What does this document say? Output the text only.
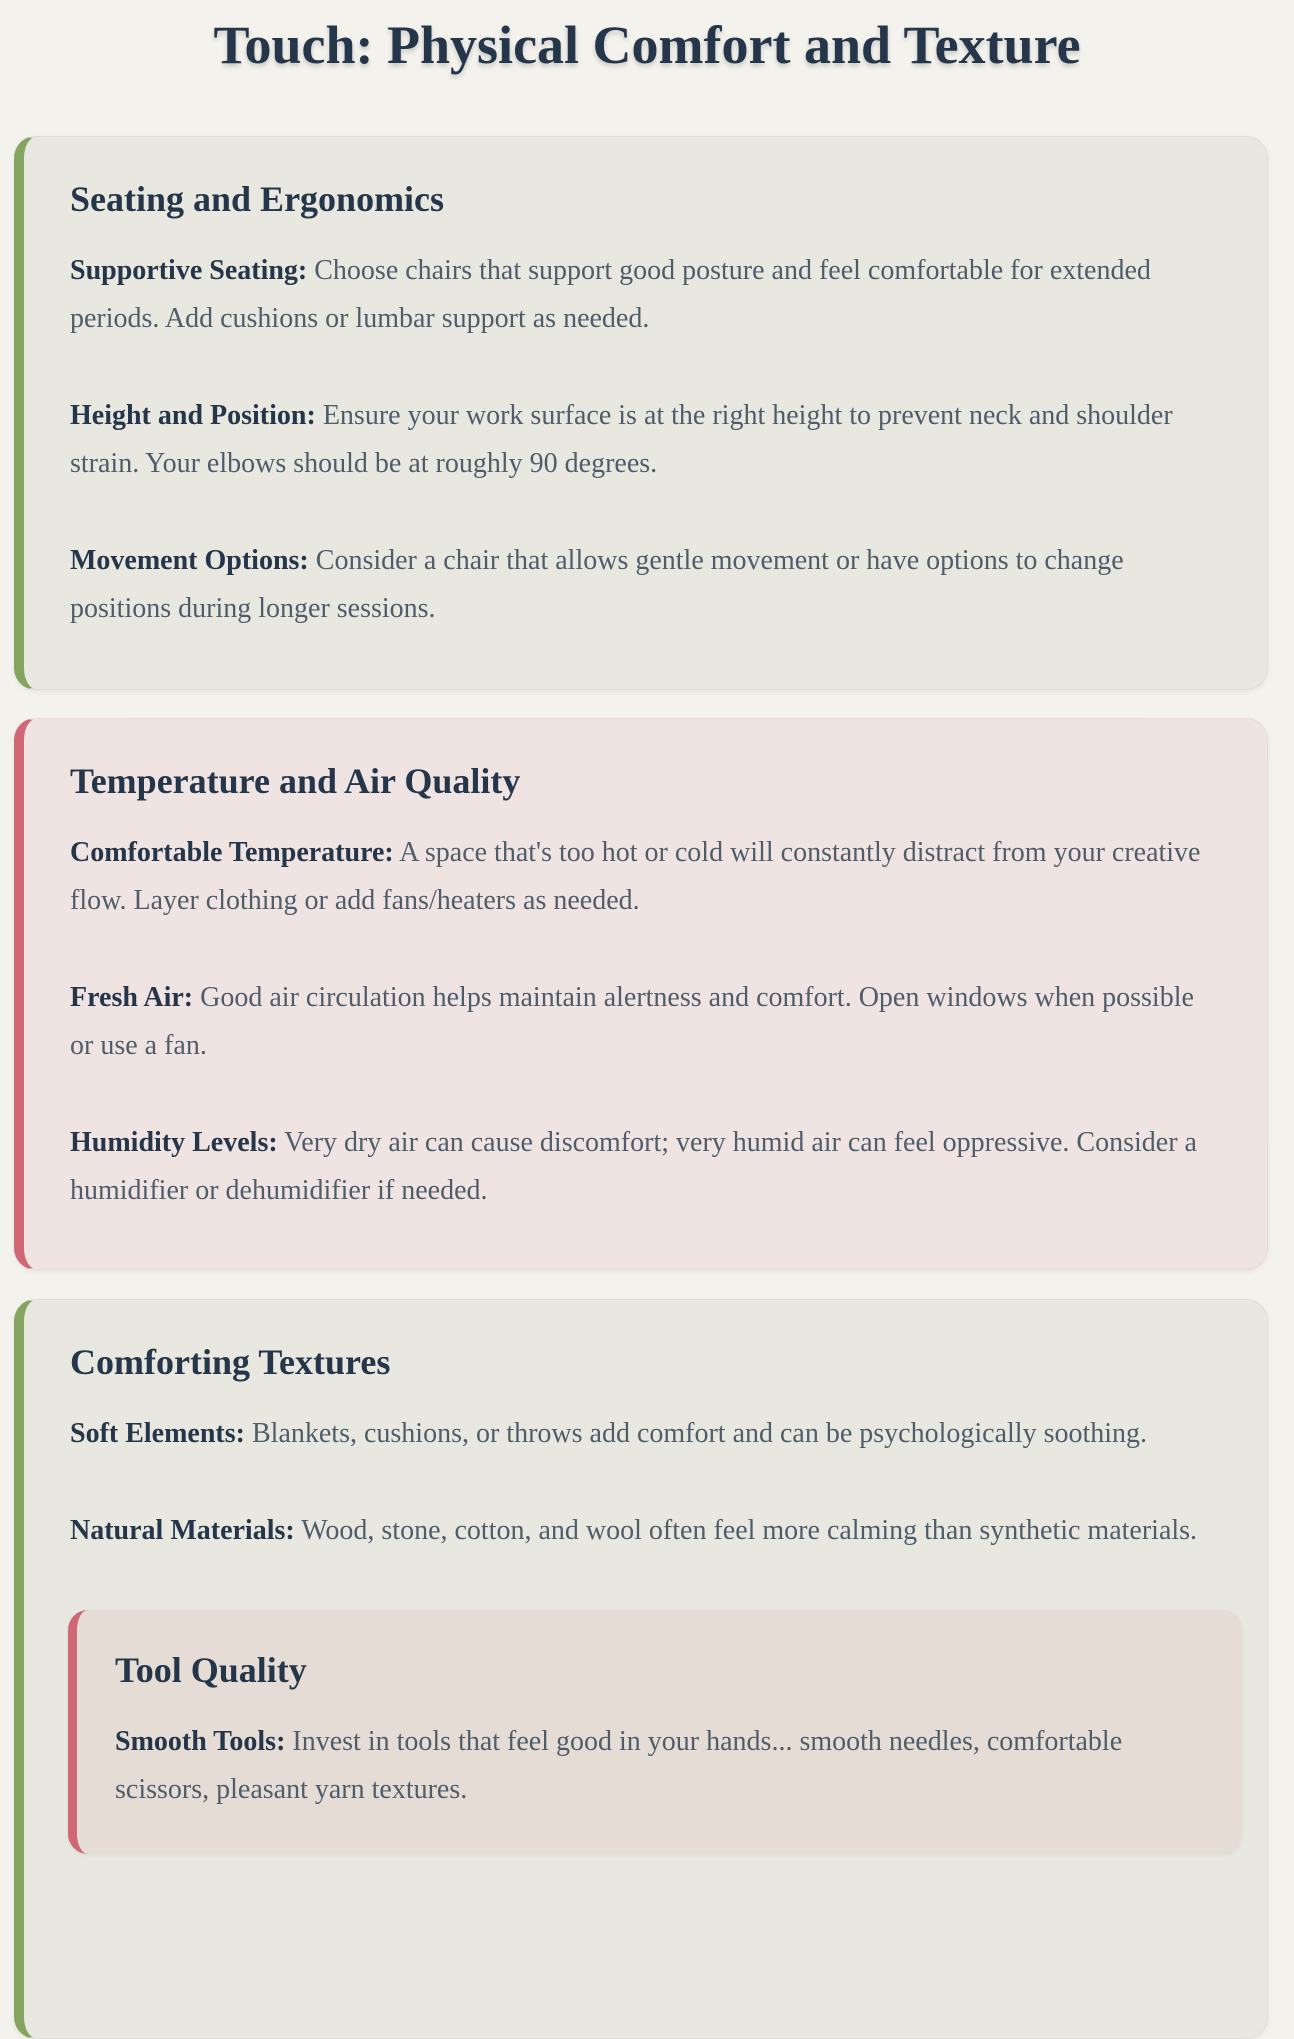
Touch: Physical Comfort and Texture
Seating and Ergonomics

Supportive Seating: Choose chairs that support good posture and feel comfortable for extended periods. Add cushions or lumbar support as needed.

Height and Position: Ensure your work surface is at the right height to prevent neck and shoulder strain. Your elbows should be at roughly 90 degrees.

Movement Options: Consider a chair that allows gentle movement or have options to change positions during longer sessions.

Temperature and Air Quality

Comfortable Temperature: A space that's too hot or cold will constantly distract from your creative flow. Layer clothing or add fans/heaters as needed.

Fresh Air: Good air circulation helps maintain alertness and comfort. Open windows when possible or use a fan.

Humidity Levels: Very dry air can cause discomfort; very humid air can feel oppressive. Consider a humidifier or dehumidifier if needed.

Comforting Textures

Soft Elements: Blankets, cushions, or throws add comfort and can be psychologically soothing.

Natural Materials: Wood, stone, cotton, and wool often feel more calming than synthetic materials.

Tool Quality

Smooth Tools: Invest in tools that feel good in your hands... smooth needles, comfortable scissors, pleasant yarn textures.
